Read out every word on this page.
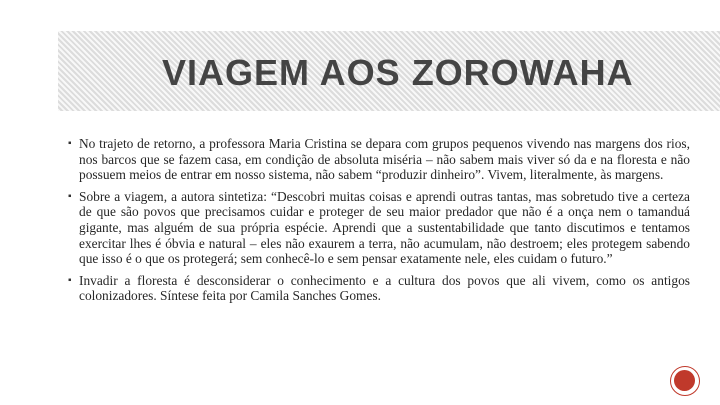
VIAGEM AOS ZOROWAHA
▪ No trajeto de retorno, a professora Maria Cristina se depara com grupos pequenos vivendo nas margens dos rios, nos barcos que se fazem casa, em condição de absoluta miséria – não sabem mais viver só da e na floresta e não possuem meios de entrar em nosso sistema, não sabem “produzir dinheiro”. Vivem, literalmente, às margens.
▪ Sobre a viagem, a autora sintetiza: “Descobri muitas coisas e aprendi outras tantas, mas sobretudo tive a certeza de que são povos que precisamos cuidar e proteger de seu maior predador que não é a onça nem o tamanduá gigante, mas alguém de sua própria espécie. Aprendi que a sustentabilidade que tanto discutimos e tentamos exercitar lhes é óbvia e natural – eles não exaurem a terra, não acumulam, não destroem; eles protegem sabendo que isso é o que os protegerá; sem conhecê-lo e sem pensar exatamente nele, eles cuidam o futuro.”
▪ Invadir a floresta é desconsiderar o conhecimento e a cultura dos povos que ali vivem, como os antigos colonizadores. Síntese feita por Camila Sanches Gomes.
